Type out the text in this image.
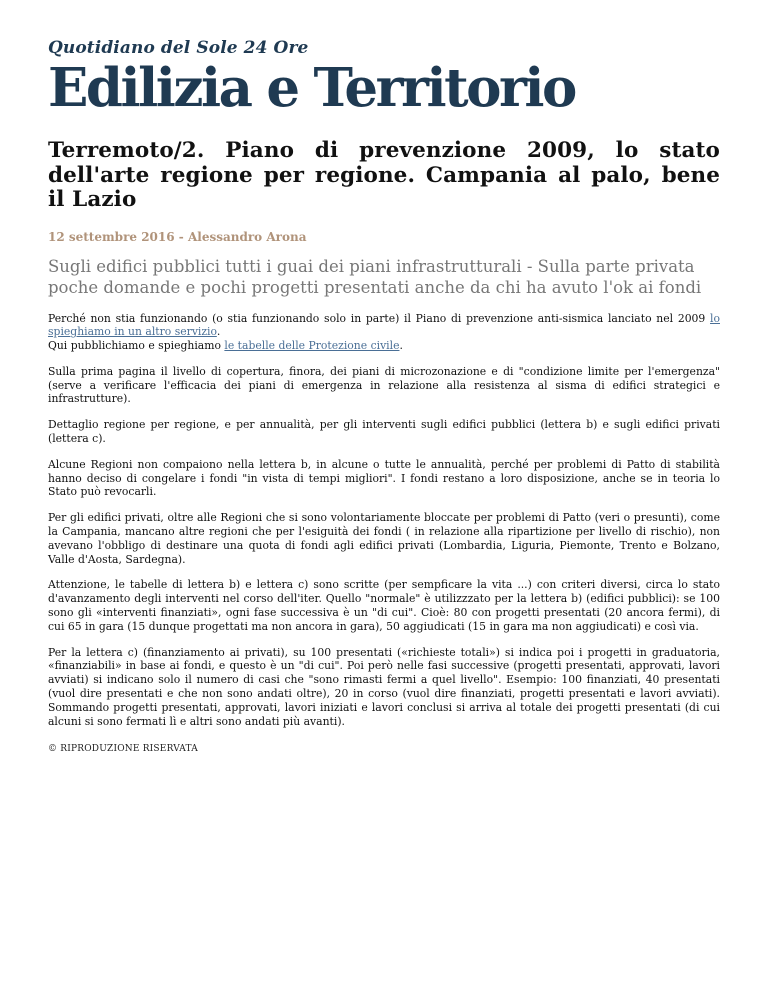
Quotidiano del Sole 24 Ore
Edilizia e Territorio
Terremoto/2. Piano di prevenzione 2009, lo stato dell'arte regione per regione. Campania al palo, bene il Lazio
12 settembre 2016 - Alessandro Arona
Sugli edifici pubblici tutti i guai dei piani infrastrutturali - Sulla parte privata poche domande e pochi progetti presentati anche da chi ha avuto l'ok ai fondi

Perché non stia funzionando (o stia funzionando solo in parte) il Piano di prevenzione anti-sismica lanciato nel 2009 lo spieghiamo in un altro servizio.
Qui pubblichiamo e spieghiamo le tabelle delle Protezione civile.

Sulla prima pagina il livello di copertura, finora, dei piani di microzonazione e di "condizione limite per l'emergenza" (serve a verificare l'efficacia dei piani di emergenza in relazione alla resistenza al sisma di edifici strategici e infrastrutture).

Dettaglio regione per regione, e per annualità, per gli interventi sugli edifici pubblici (lettera b) e sugli edifici privati (lettera c).

Alcune Regioni non compaiono nella lettera b, in alcune o tutte le annualità, perché per problemi di Patto di stabilità hanno deciso di congelare i fondi "in vista di tempi migliori". I fondi restano a loro disposizione, anche se in teoria lo Stato può revocarli.

Per gli edifici privati, oltre alle Regioni che si sono volontariamente bloccate per problemi di Patto (veri o presunti), come la Campania, mancano altre regioni che per l'esiguità dei fondi ( in relazione alla ripartizione per livello di rischio), non avevano l'obbligo di destinare una quota di fondi agli edifici privati (Lombardia, Liguria, Piemonte, Trento e Bolzano, Valle d'Aosta, Sardegna).

Attenzione, le tabelle di lettera b) e lettera c) sono scritte (per sempficare la vita ...) con criteri diversi, circa lo stato d'avanzamento degli interventi nel corso dell'iter. Quello "normale" è utilizzzato per la lettera b) (edifici pubblici): se 100 sono gli «interventi finanziati», ogni fase successiva è un "di cui". Cioè: 80 con progetti presentati (20 ancora fermi), di cui 65 in gara (15 dunque progettati ma non ancora in gara), 50 aggiudicati (15 in gara ma non aggiudicati) e così via.

Per la lettera c) (finanziamento ai privati), su 100 presentati («richieste totali») si indica poi i progetti in graduatoria, «finanziabili» in base ai fondi, e questo è un "di cui". Poi però nelle fasi successive (progetti presentati, approvati, lavori avviati) si indicano solo il numero di casi che "sono rimasti fermi a quel livello". Esempio: 100 finanziati, 40 presentati (vuol dire presentati e che non sono andati oltre), 20 in corso (vuol dire finanziati, progetti presentati e lavori avviati). Sommando progetti presentati, approvati, lavori iniziati e lavori conclusi si arriva al totale dei progetti presentati (di cui alcuni si sono fermati lì e altri sono andati più avanti).

© RIPRODUZIONE RISERVATA
